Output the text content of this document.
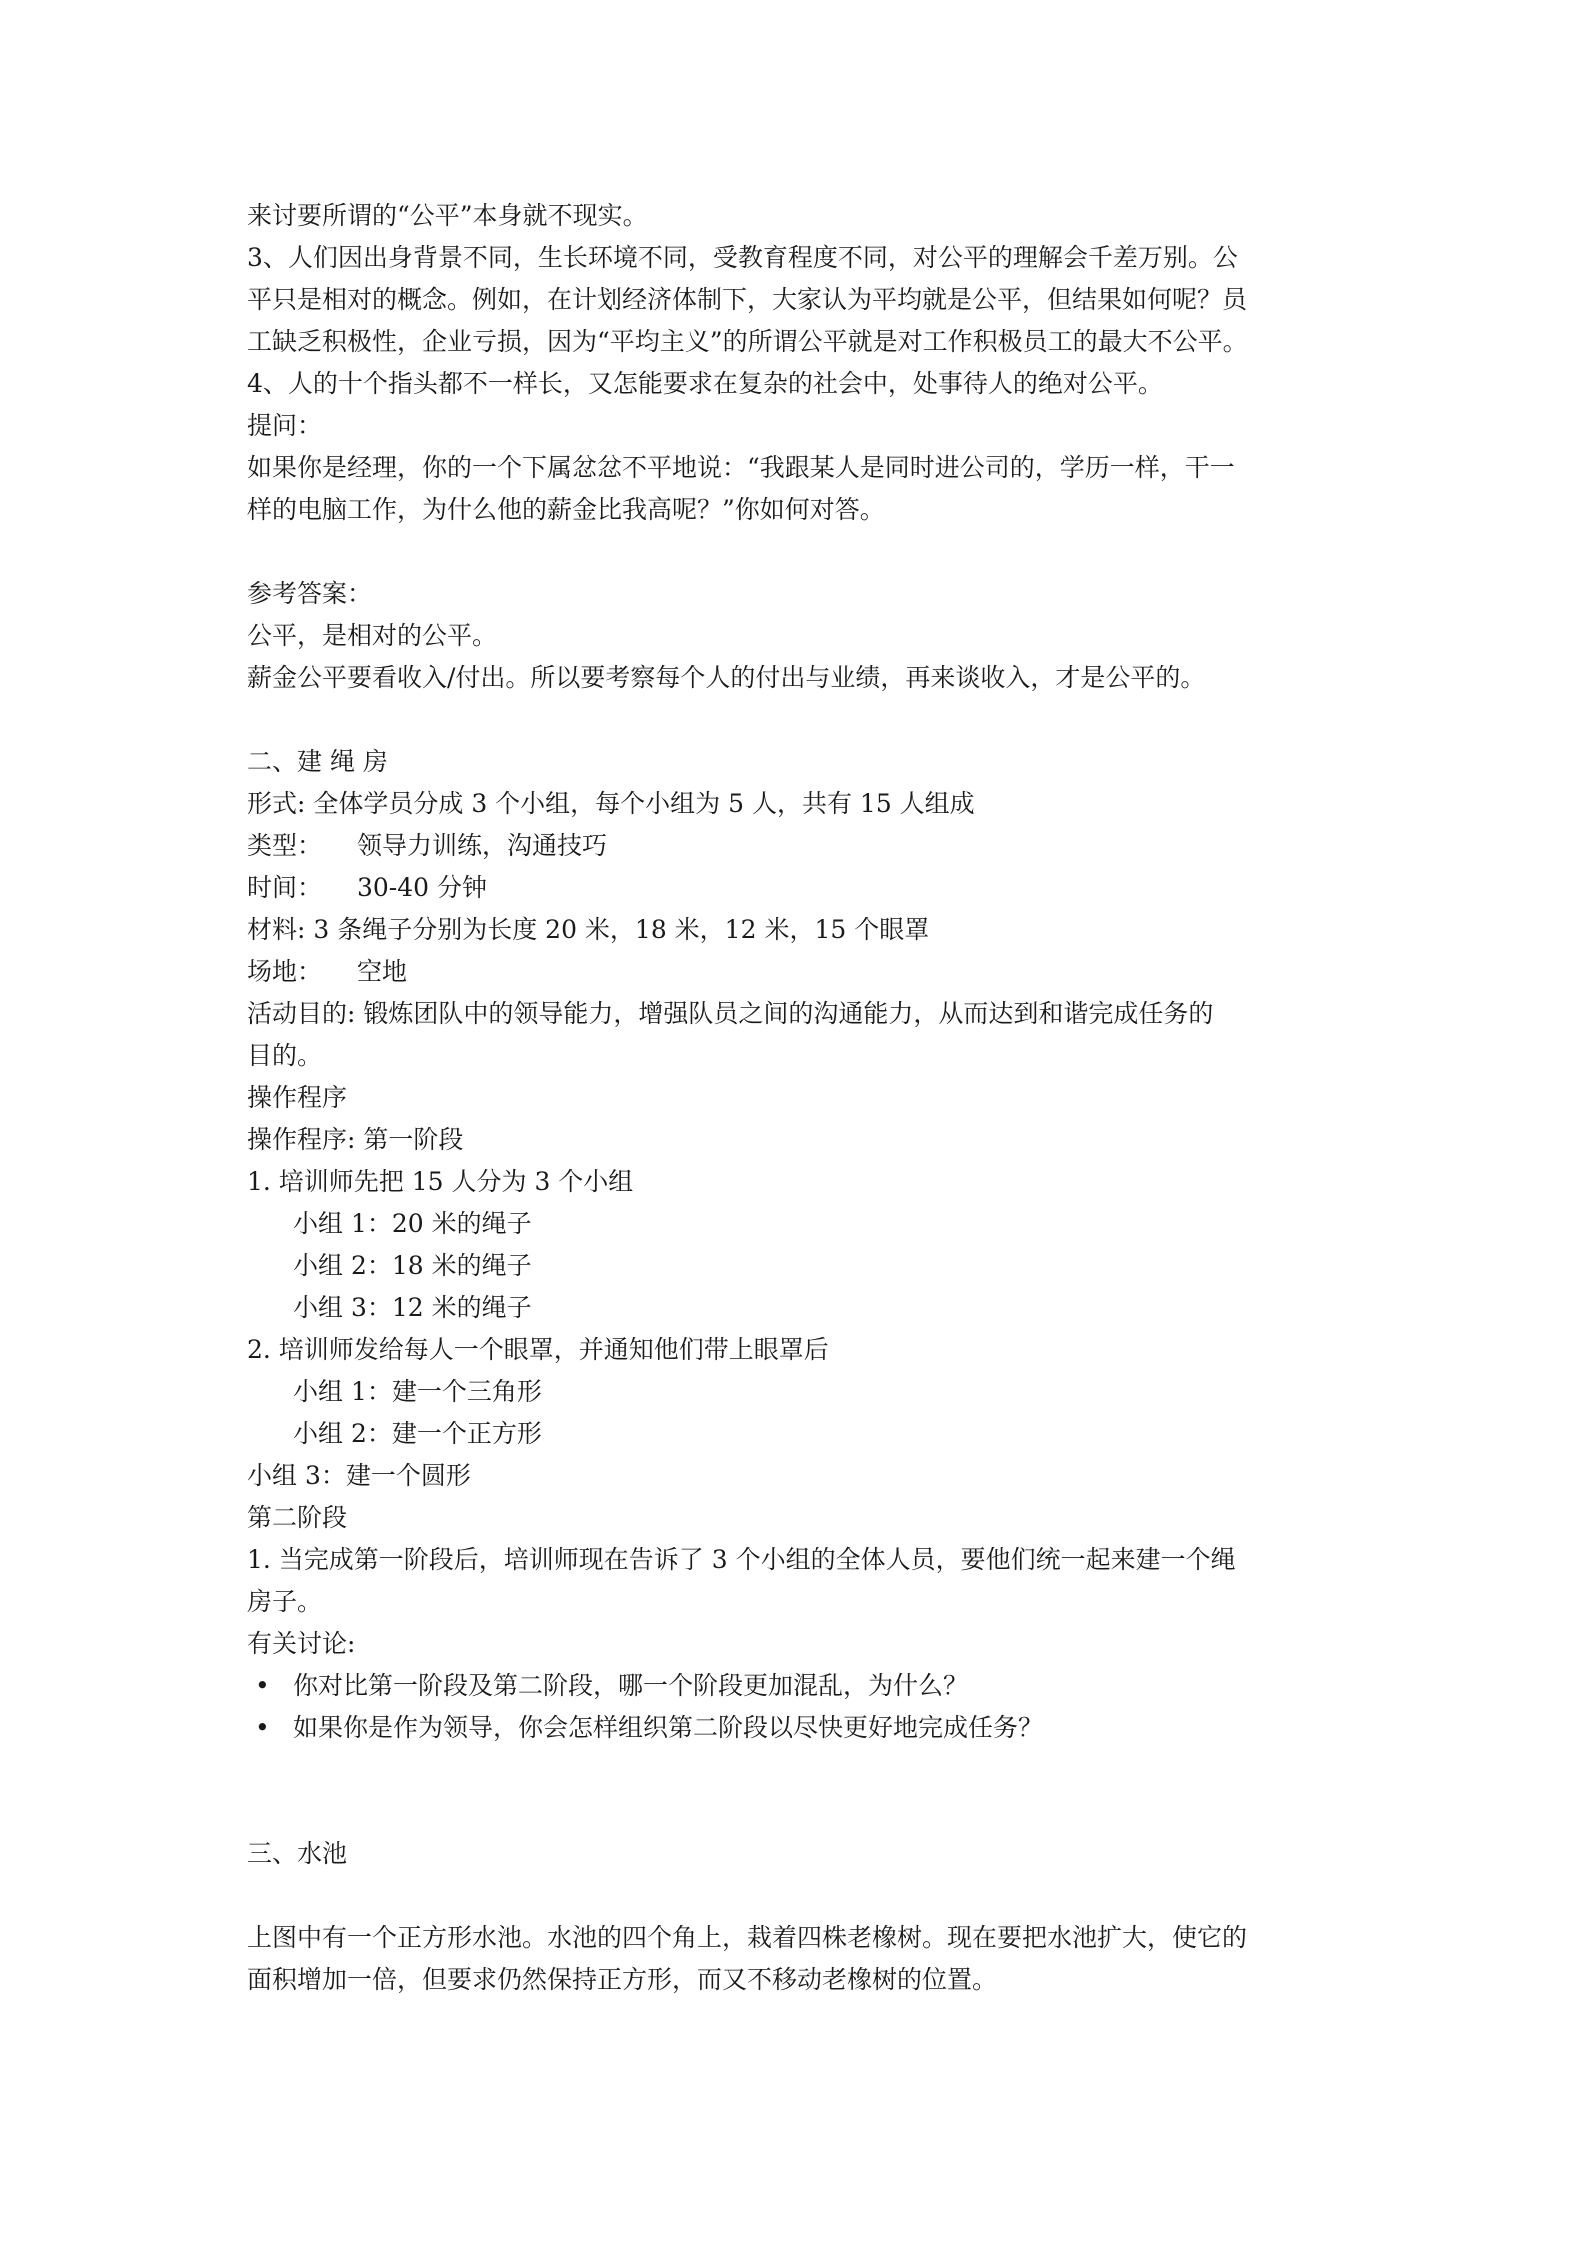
来讨要所谓的“公平”本身就不现实。
3、人们因出身背景不同，生长环境不同，受教育程度不同，对公平的理解会千差万别。公
平只是相对的概念。例如，在计划经济体制下，大家认为平均就是公平，但结果如何呢？员
工缺乏积极性，企业亏损，因为“平均主义”的所谓公平就是对工作积极员工的最大不公平。
4、人的十个指头都不一样长，又怎能要求在复杂的社会中，处事待人的绝对公平。
提问：
如果你是经理，你的一个下属忿忿不平地说：“我跟某人是同时进公司的，学历一样，干一
样的电脑工作，为什么他的薪金比我高呢？”你如何对答。
参考答案：
公平，是相对的公平。
薪金公平要看收入/付出。所以要考察每个人的付出与业绩，再来谈收入，才是公平的。
二、建 绳 房
形式: 全体学员分成 3 个小组，每个小组为 5 人，共有 15 人组成
类型：	领导力训练，沟通技巧
时间：	30-40 分钟
材料: 3 条绳子分别为长度 20 米，18 米，12 米，15 个眼罩
场地：	空地
活动目的: 锻炼团队中的领导能力，增强队员之间的沟通能力，从而达到和谐完成任务的
目的。
操作程序
操作程序: 第一阶段
1. 培训师先把 15 人分为 3 个小组
小组 1：20 米的绳子
小组 2：18 米的绳子
小组 3：12 米的绳子
2. 培训师发给每人一个眼罩，并通知他们带上眼罩后
小组 1：建一个三角形
小组 2：建一个正方形
小组 3：建一个圆形
第二阶段
1. 当完成第一阶段后，培训师现在告诉了 3 个小组的全体人员，要他们统一起来建一个绳
房子。
有关讨论:
• 你对比第一阶段及第二阶段，哪一个阶段更加混乱，为什么？
• 如果你是作为领导，你会怎样组织第二阶段以尽快更好地完成任务？
三、水池
上图中有一个正方形水池。水池的四个角上，栽着四株老橡树。现在要把水池扩大，使它的
面积增加一倍，但要求仍然保持正方形，而又不移动老橡树的位置。
